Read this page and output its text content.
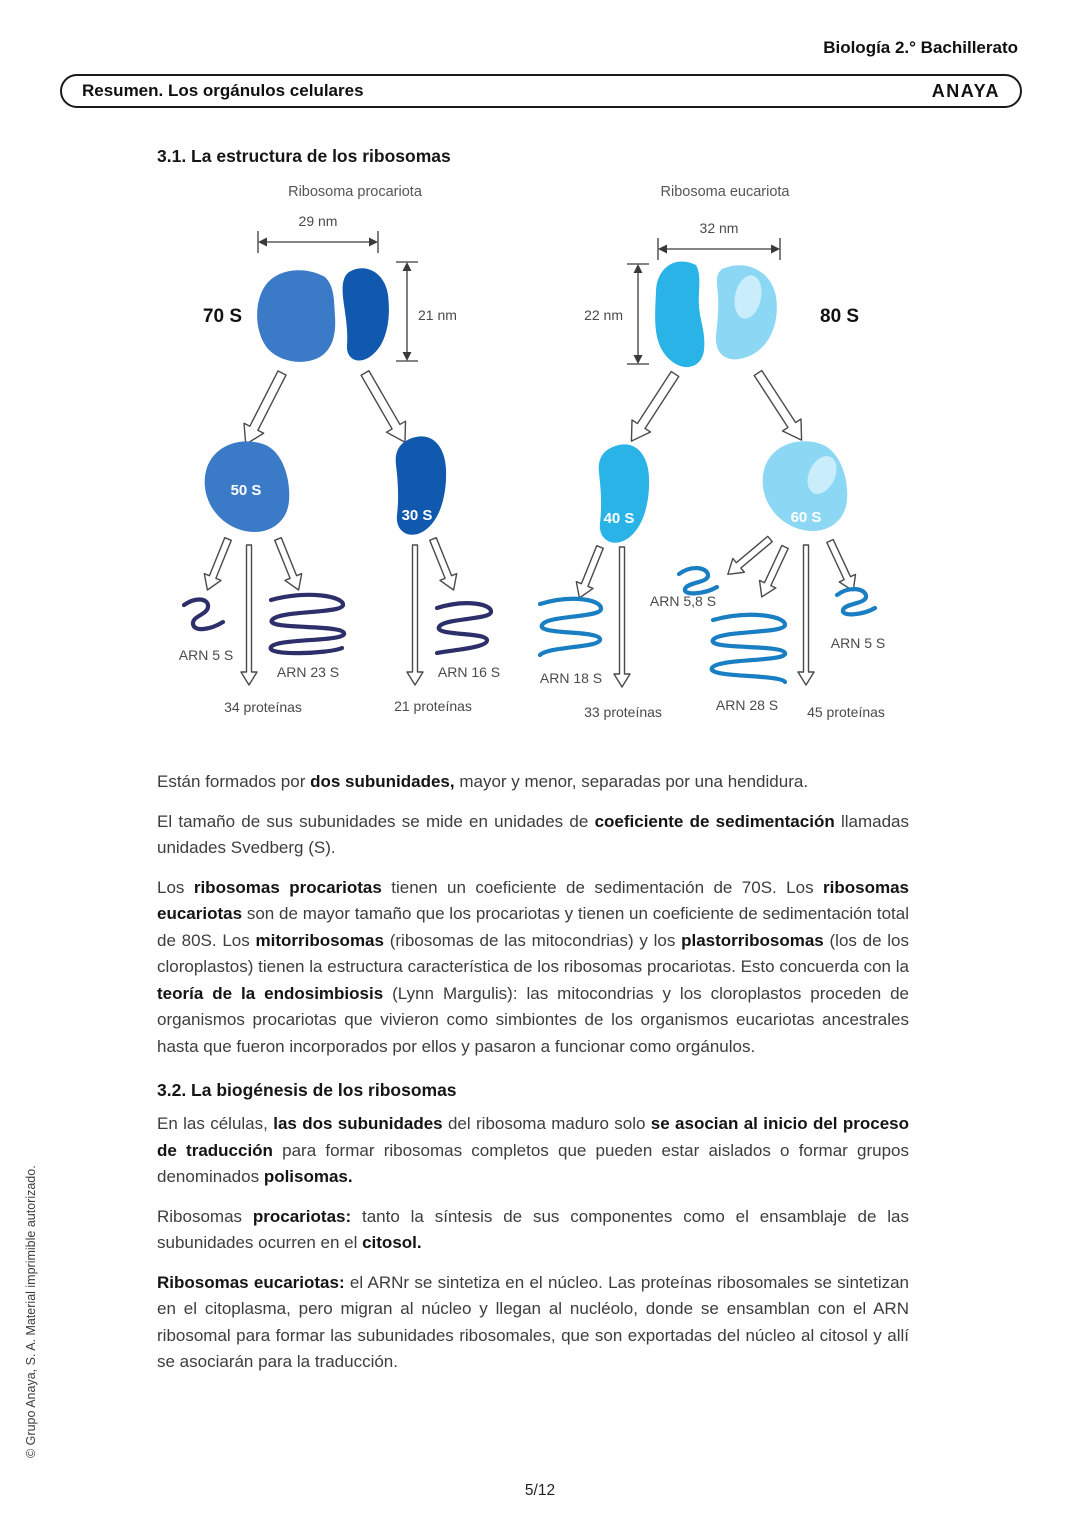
Biología 2.° Bachillerato
Resumen. Los orgánulos celulares	ANAYA
3.1. La estructura de los ribosomas
Ribosoma procariota
29 nm
70 S	21 nm
50 S
30 S
ARN 5 S
ARN 23 S
34 proteínas
ARN 16 S
21 proteínas
Ribosoma eucariota
32 nm
80 S
22 nm
40 S	60 S
ARN 5,8 S
ARN 18 S
33 proteínas	ARN 28 S
ARN 5 S
45 proteínas

Están formados por dos subunidades, mayor y menor, separadas por una hendidura.

El tamaño de sus subunidades se mide en unidades de coeficiente de sedimentación llamadas unidades Svedberg (S).

Los ribosomas procariotas tienen un coeficiente de sedimentación de 70S. Los ribosomas eucariotas son de mayor tamaño que los procariotas y tienen un coeficiente de sedimentación total de 80S. Los mitorribosomas (ribosomas de las mitocondrias) y los plastorribosomas (los de los cloroplastos) tienen la estructura característica de los ribosomas procariotas. Esto concuerda con la teoría de la endosimbiosis (Lynn Margulis): las mitocondrias y los cloroplastos proceden de organismos procariotas que vivieron como simbiontes de los organismos eucariotas ancestrales hasta que fueron incorporados por ellos y pasaron a funcionar como orgánulos.

3.2. La biogénesis de los ribosomas

En las células, las dos subunidades del ribosoma maduro solo se asocian al inicio del proceso de traducción para formar ribosomas completos que pueden estar aislados o formar grupos denominados polisomas.

Ribosomas procariotas: tanto la síntesis de sus componentes como el ensamblaje de las subunidades ocurren en el citosol.

Ribosomas eucariotas: el ARNr se sintetiza en el núcleo. Las proteínas ribosomales se sintetizan en el citoplasma, pero migran al núcleo y llegan al nucléolo, donde se ensamblan con el ARN ribosomal para formar las subunidades ribosomales, que son exportadas del núcleo al citosol y allí se asociarán para la traducción.

© Grupo Anaya, S. A. Material imprimible autorizado.
5/12
